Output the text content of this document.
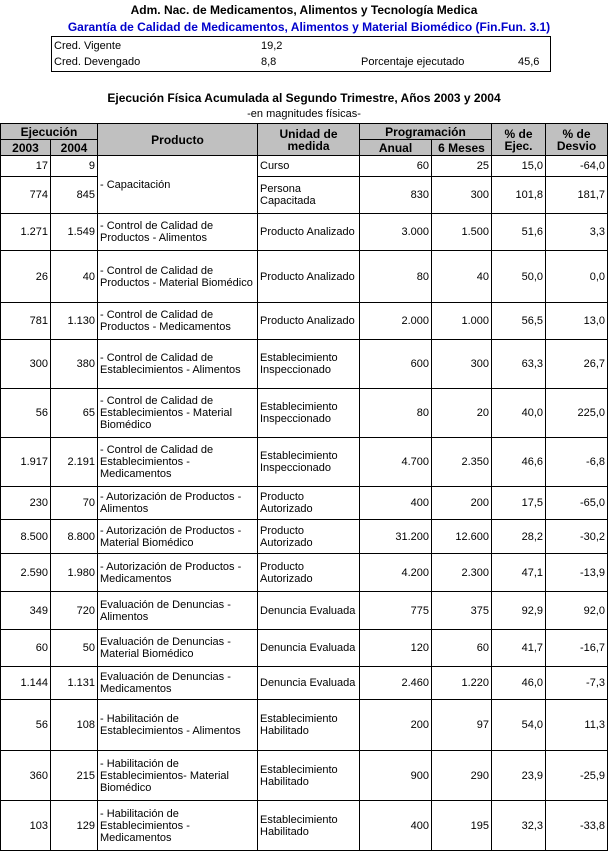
Adm. Nac. de Medicamentos, Alimentos y Tecnología Medica
Garantía de Calidad de Medicamentos, Alimentos y Material Biomédico (Fin.Fun. 3.1)
Cred. Vigente	19,2
Cred. Devengado	8,8	Porcentaje ejecutado	45,6
Ejecución Física Acumulada al Segundo Trimestre, Años 2003 y 2004
-en magnitudes físicas-
Ejecución		Producto	Unidad de medida	Programación		% de Ejec.	% de Desvio
2003	2004			Anual	6 Meses		
17	9	- Capacitación	Curso	60	25	15,0	-64,0
774	845		Persona Capacitada	830	300	101,8	181,7
1.271	1.549	- Control de Calidad de Productos - Alimentos	Producto Analizado	3.000	1.500	51,6	3,3
26	40	- Control de Calidad de Productos - Material Biomédico	Producto Analizado	80	40	50,0	0,0
781	1.130	- Control de Calidad de Productos - Medicamentos	Producto Analizado	2.000	1.000	56,5	13,0
300	380	- Control de Calidad de Establecimientos - Alimentos	Establecimiento Inspeccionado	600	300	63,3	26,7
56	65	- Control de Calidad de Establecimientos - Material Biomédico	Establecimiento Inspeccionado	80	20	40,0	225,0
1.917	2.191	- Control de Calidad de Establecimientos - Medicamentos	Establecimiento Inspeccionado	4.700	2.350	46,6	-6,8
230	70	- Autorización de Productos - Alimentos	Producto Autorizado	400	200	17,5	-65,0
8.500	8.800	- Autorización de Productos - Material Biomédico	Producto Autorizado	31.200	12.600	28,2	-30,2
2.590	1.980	- Autorización de Productos - Medicamentos	Producto Autorizado	4.200	2.300	47,1	-13,9
349	720	Evaluación de Denuncias - Alimentos	Denuncia Evaluada	775	375	92,9	92,0
60	50	Evaluación de Denuncias - Material Biomédico	Denuncia Evaluada	120	60	41,7	-16,7
1.144	1.131	Evaluación de Denuncias - Medicamentos	Denuncia Evaluada	2.460	1.220	46,0	-7,3
56	108	- Habilitación de Establecimientos - Alimentos	Establecimiento Habilitado	200	97	54,0	11,3
360	215	- Habilitación de Establecimientos- Material Biomédico	Establecimiento Habilitado	900	290	23,9	-25,9
103	129	- Habilitación de Establecimientos - Medicamentos	Establecimiento Habilitado	400	195	32,3	-33,8
